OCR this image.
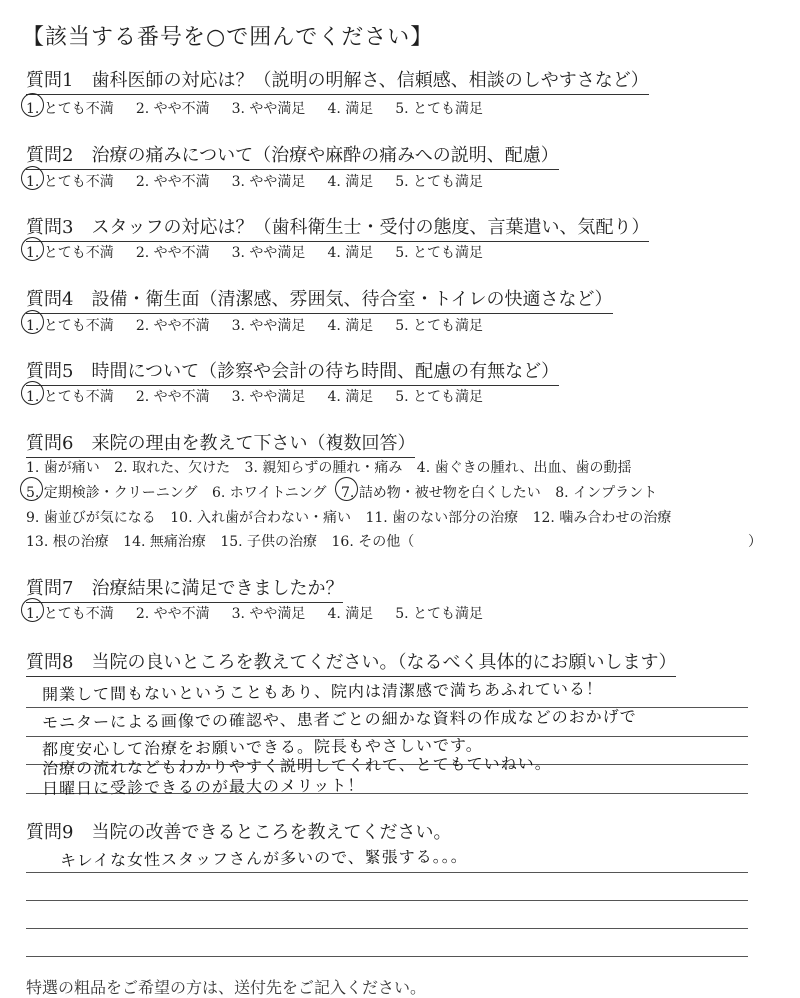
【該当する番号を○で囲んでください】
質問1　歯科医師の対応は？（説明の明解さ、信頼感、相談のしやすさなど）
1. とても不満 2. やや不満 3. やや満足 4. 満足 5. とても満足
質問2　治療の痛みについて（治療や麻酔の痛みへの説明、配慮）
1. とても不満 2. やや不満 3. やや満足 4. 満足 5. とても満足
質問3　スタッフの対応は？（歯科衛生士・受付の態度、言葉遣い、気配り）
1. とても不満 2. やや不満 3. やや満足 4. 満足 5. とても満足
質問4　設備・衛生面（清潔感、雰囲気、待合室・トイレの快適さなど）
1. とても不満 2. やや不満 3. やや満足 4. 満足 5. とても満足
質問5　時間について（診察や会計の待ち時間、配慮の有無など）
1. とても不満 2. やや不満 3. やや満足 4. 満足 5. とても満足
質問6　来院の理由を教えて下さい（複数回答）
1. 歯が痛い 2. 取れた、欠けた 3. 親知らずの腫れ・痛み 4. 歯ぐきの腫れ、出血、歯の動揺
5. 定期検診・クリーニング 6. ホワイトニング 7. 詰め物・被せ物を白くしたい 8. インプラント
9. 歯並びが気になる 10. 入れ歯が合わない・痛い 11. 歯のない部分の治療 12. 噛み合わせの治療
13. 根の治療 14. 無痛治療 15. 子供の治療 16. その他（	）
質問7　治療結果に満足できましたか？
1. とても不満 2. やや不満 3. やや満足 4. 満足 5. とても満足
質問8　当院の良いところを教えてください。（なるべく具体的にお願いします）
開業して間もないということもあり、院内は清潔感で満ちあふれている！
モニターによる画像での確認や、患者ごとの細かな資料の作成などのおかげで
都度安心して治療をお願いできる。院長もやさしいです。
治療の流れなどもわかりやすく説明してくれて、とてもていねい。
日曜日に受診できるのが最大のメリット！
質問9　当院の改善できるところを教えてください。
キレイな女性スタッフさんが多いので、緊張する。。。
特選の粗品をご希望の方は、送付先をご記入ください。
